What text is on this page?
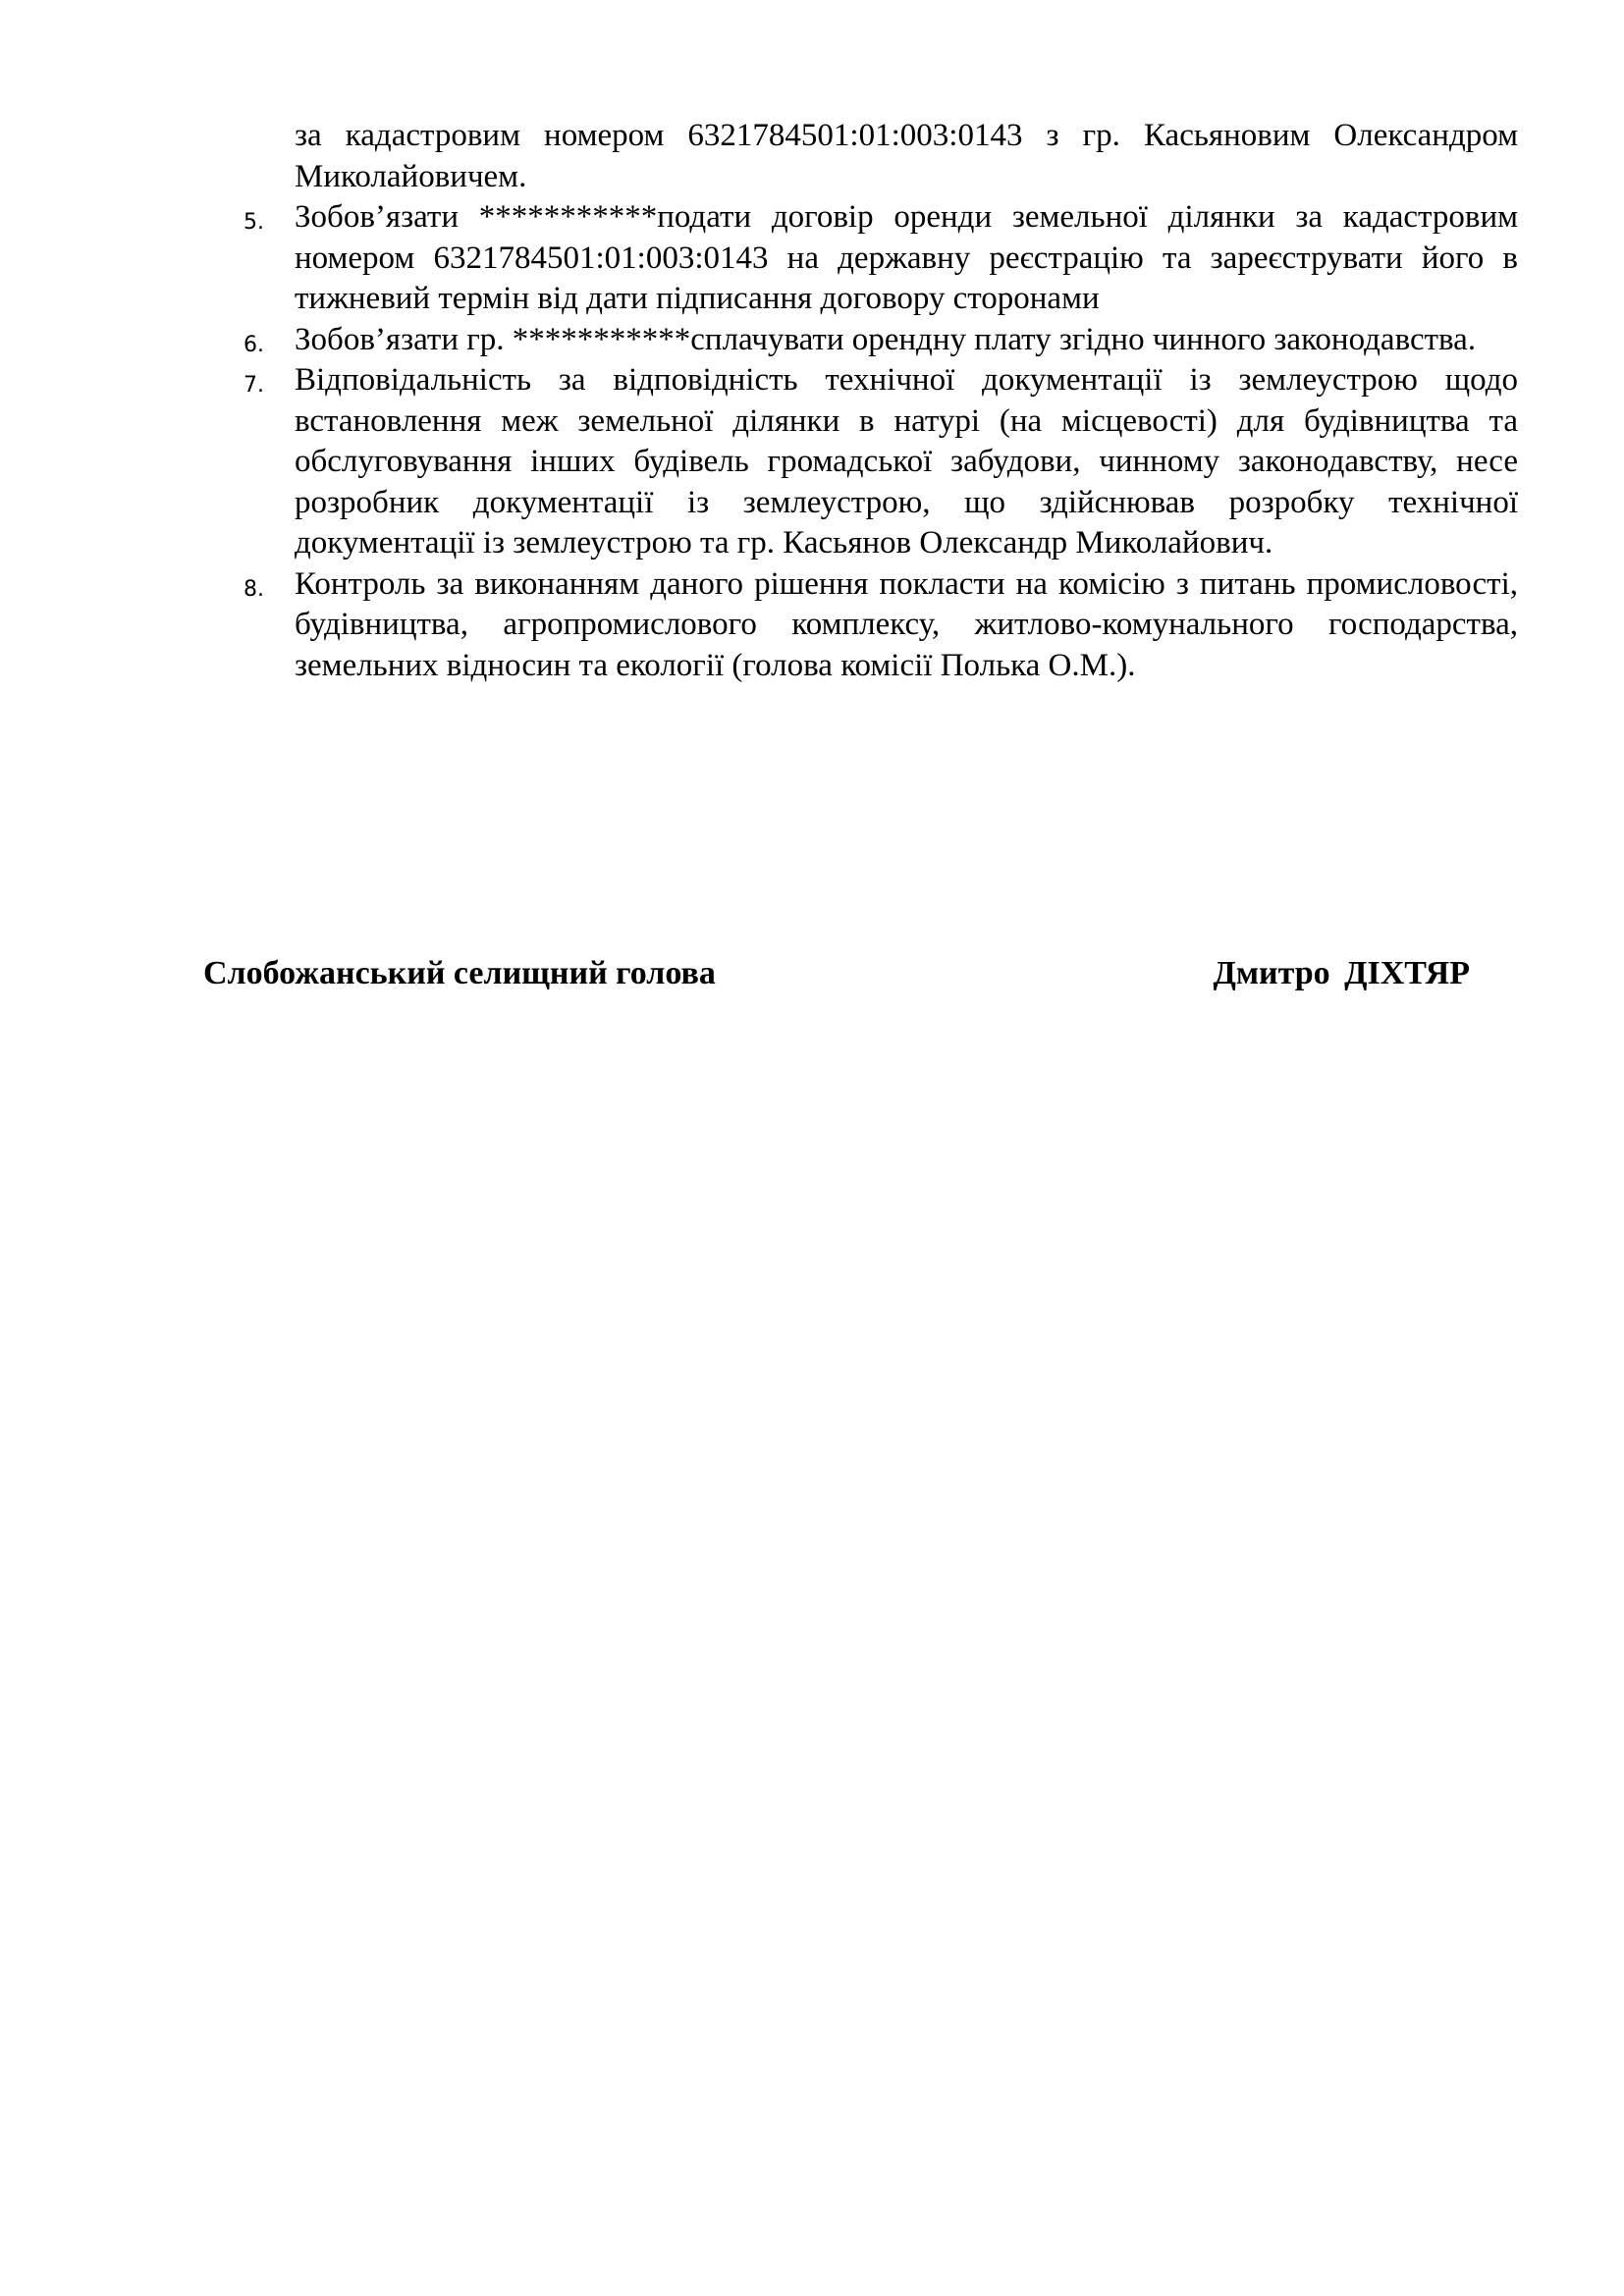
за кадастровим номером 6321784501:01:003:0143 з гр. Касьяновим Олександром Миколайовичем.

5. Зобов’язати ***********подати договір оренди земельної ділянки за кадастровим номером 6321784501:01:003:0143 на державну реєстрацію та зареєструвати його в тижневий термін від дати підписання договору сторонами
6. Зобов’язати гр. ***********сплачувати орендну плату згідно чинного законодавства.
7. Відповідальність за відповідність технічної документації із землеустрою щодо встановлення меж земельної ділянки в натурі (на місцевості) для будівництва та обслуговування інших будівель громадської забудови, чинному законодавству, несе розробник документації із землеустрою, що здійснював розробку технічної документації із землеустрою та гр. Касьянов Олександр Миколайович.
8. Контроль за виконанням даного рішення покласти на комісію з питань промисловості, будівництва, агропромислового комплексу, житлово-комунального господарства, земельних відносин та екології (голова комісії Полька О.М.).
Слобожанський селищний голова	Дмитро ДІХТЯР
